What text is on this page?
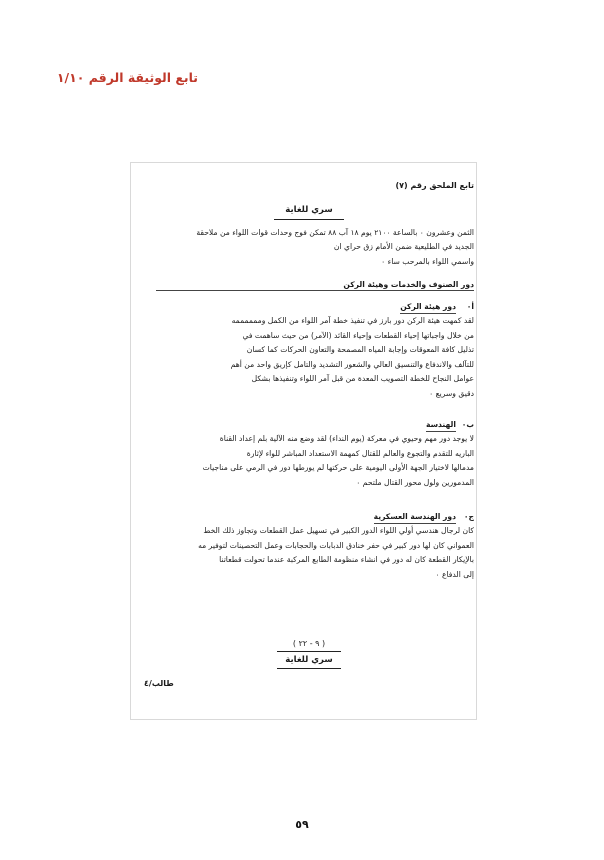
تابع الوثيقة الرقم ١/١٠
تابع الملحق رقم (٧)
سري للغاية

الثمن وعشرون ٠ بالساعة ٢١٠٠ يوم ١٨ آب ٨٨ تمكن فوج وحدات قوات اللواء من ملاحقة

الجديد في الطليعية ضمن الأمام زق حراي ان

واسمي اللواء بالمرحب ساء ٠

دور الصنوف والخدمات وهيئة الركن
أ٠
دور هيئة الركن

لقد كمهت هيئة الركن دور بارز في تنفيذ خطة آمر اللواء من الكمل وممممممه

من خلال واجباتها إحياء القطعات وإحياء القائد (الآمر) من حيث ساهمت في

تذليل كافة المعوقات وإجابة المياه المصمحة والتعاون الحركات كما كسان

للتآلف والاندفاع والتنسيق العالي والشعور التشديد والتامل كإريق واحد من أهم

عوامل النجاح للخطة التصويب المعدة من قبل آمر اللواء وتنفيذها بشكل

دقيق وسريع ٠

ب٠
الهندسة

لا يوجد دور مهم وحيوي في معركة (يوم النداء) لقد وضع منه الآلية بلم إعداد القناة

الباريه للتقدم والتجوع والعالم للقتال كمهمة الاستعداد المباشر للواء لإثارة

مدمالها لاختيار الجهة الأولى اليومية على حركتها لم يورطها دور في الرمي على مناجيات

المدمورين ولول محور القتال ملتحم ٠

ج٠
دور الهندسة العسكرية

كان لرجال هندسي أولي اللواء الدور الكبير في تسهيل عمل القطعات وتجاوز ذلك الخط

العمواني كان لها دور كبير في حفر خنادق الدبابات والحجابات وعمل التحصينات لتوفير مه

بالإيكار القطعة كان له دور في انشاء منظومة الطابع المركبة عندما تحولت قطعاتنا

إلى الدفاع ٠

( ٩ - ٢٢ )
سري للغاية
طالب/٤
٥٩
